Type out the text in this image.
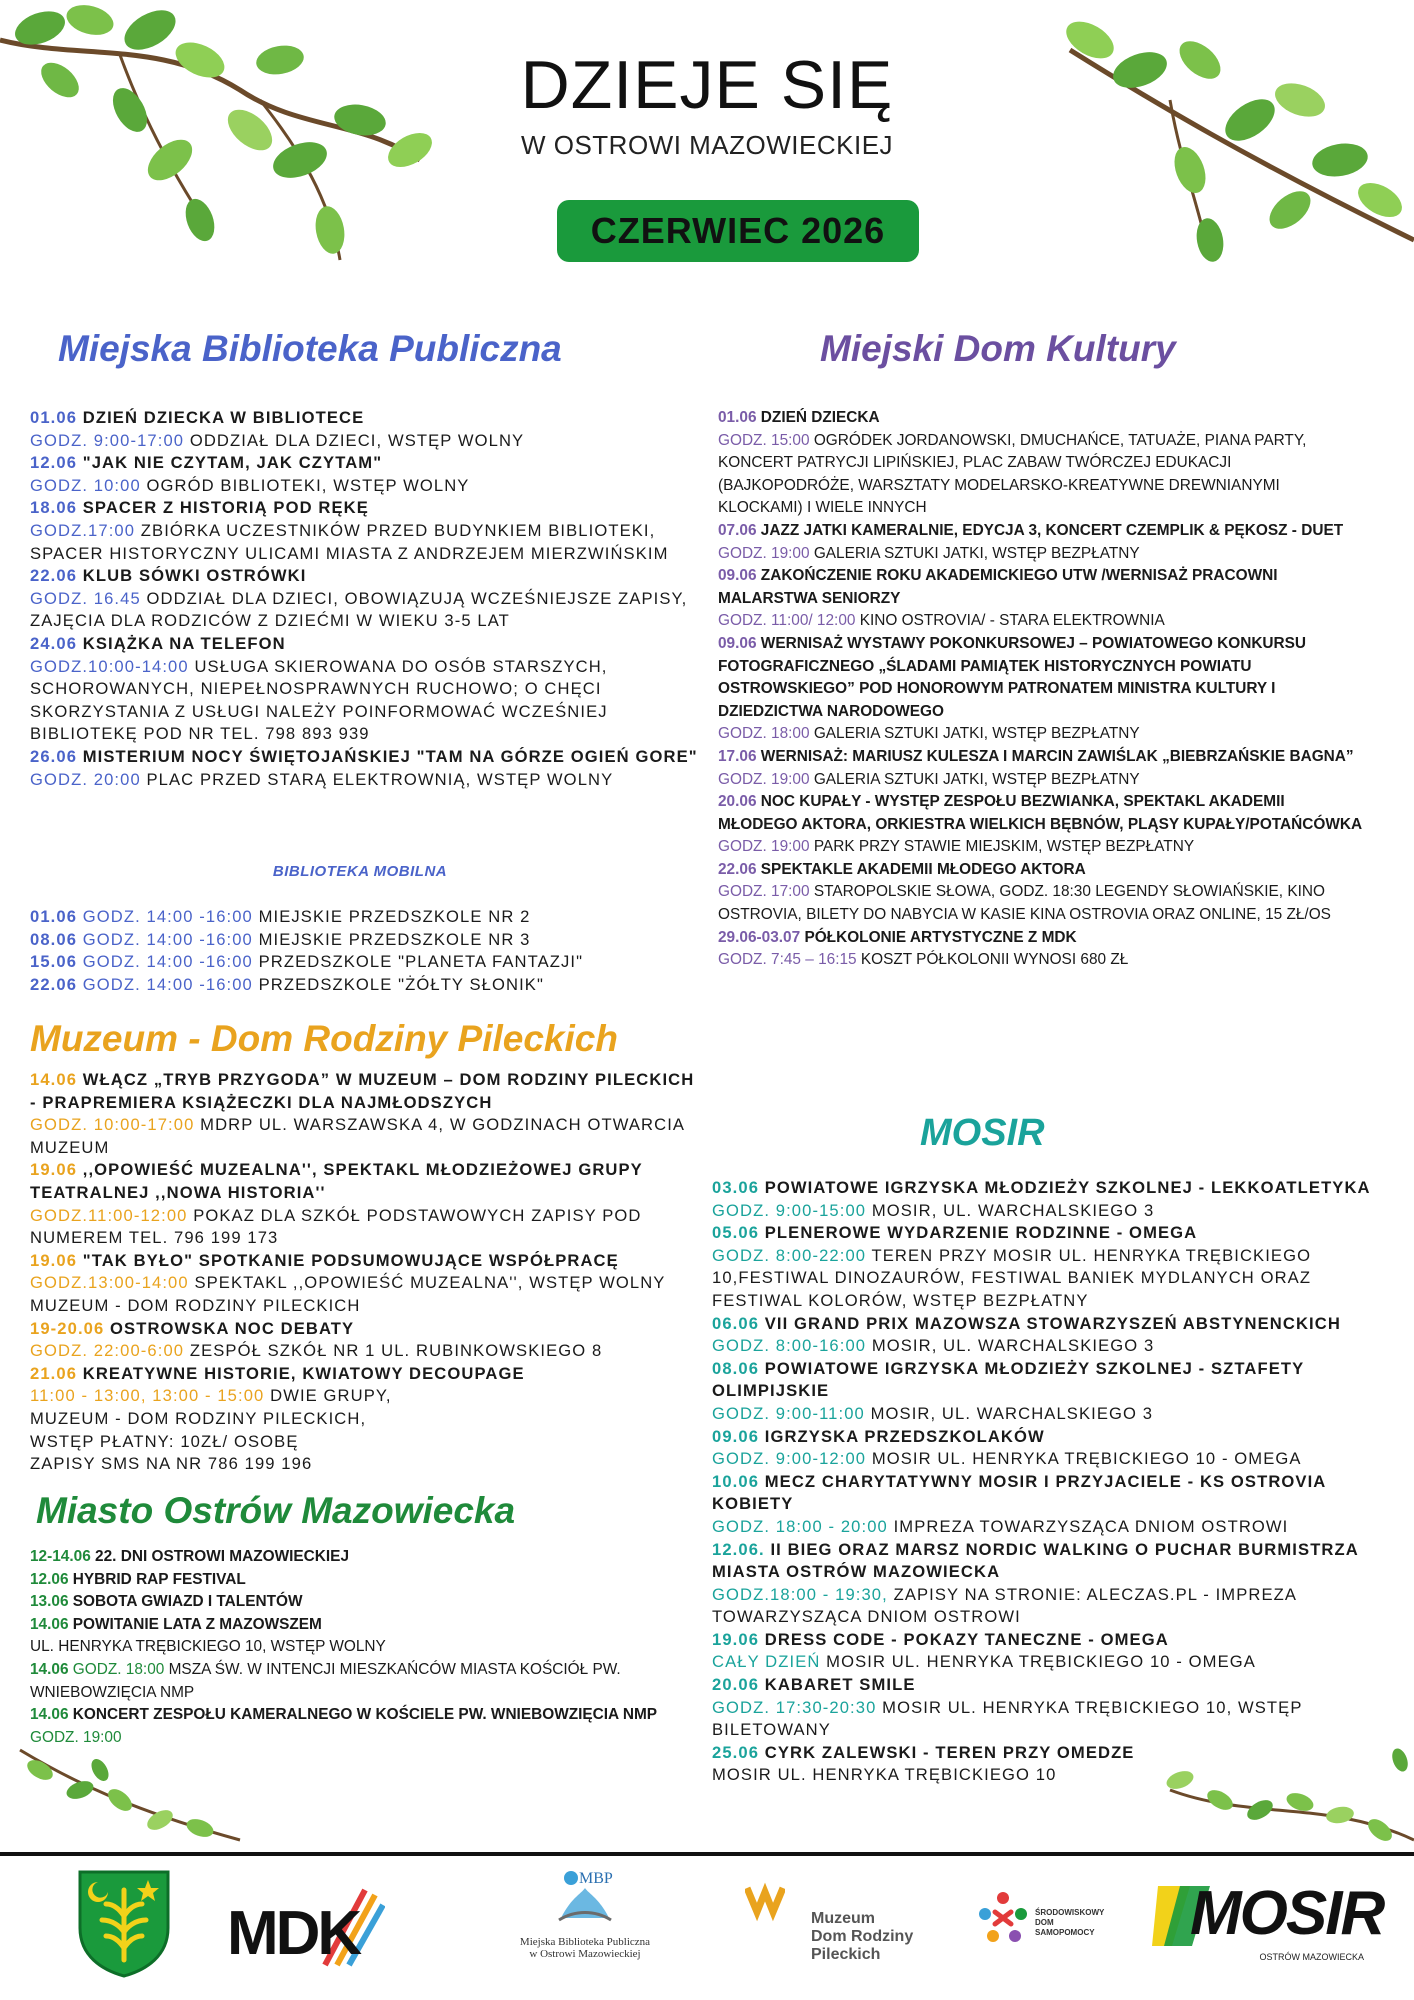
DZIEJE SIĘ
W OSTROWI MAZOWIECKIEJ
CZERWIEC 2026
Miejska Biblioteka Publiczna	Miejski Dom Kultury
Muzeum - Dom Rodziny Pileckich
MOSIR
Miasto Ostrów Mazowiecka
BIBLIOTEKA MOBILNA

01.06 DZIEŃ DZIECKA W BIBLIOTECE
GODZ. 9:00-17:00 ODDZIAŁ DLA DZIECI, WSTĘP WOLNY

12.06 "JAK NIE CZYTAM, JAK CZYTAM"
GODZ. 10:00 OGRÓD BIBLIOTEKI, WSTĘP WOLNY

18.06 SPACER Z HISTORIĄ POD RĘKĘ
GODZ.17:00 ZBIÓRKA UCZESTNIKÓW PRZED BUDYNKIEM BIBLIOTEKI, SPACER HISTORYCZNY ULICAMI MIASTA Z ANDRZEJEM MIERZWIŃSKIM

22.06 KLUB SÓWKI OSTRÓWKI
GODZ. 16.45 ODDZIAŁ DLA DZIECI, OBOWIĄZUJĄ WCZEŚNIEJSZE ZAPISY, ZAJĘCIA DLA RODZICÓW Z DZIEĆMI W WIEKU 3-5 LAT

24.06 KSIĄŻKA NA TELEFON
GODZ.10:00-14:00 USŁUGA SKIEROWANA DO OSÓB STARSZYCH, SCHOROWANYCH, NIEPEŁNOSPRAWNYCH RUCHOWO; O CHĘCI SKORZYSTANIA Z USŁUGI NALEŻY POINFORMOWAĆ WCZEŚNIEJ BIBLIOTEKĘ POD NR TEL. 798 893 939

26.06 MISTERIUM NOCY ŚWIĘTOJAŃSKIEJ "TAM NA GÓRZE OGIEŃ GORE"
GODZ. 20:00 PLAC PRZED STARĄ ELEKTROWNIĄ, WSTĘP WOLNY

01.06 GODZ. 14:00 -16:00 MIEJSKIE PRZEDSZKOLE NR 2

08.06 GODZ. 14:00 -16:00 MIEJSKIE PRZEDSZKOLE NR 3

15.06 GODZ. 14:00 -16:00 PRZEDSZKOLE "PLANETA FANTAZJI"

22.06 GODZ. 14:00 -16:00 PRZEDSZKOLE "ŻÓŁTY SŁONIK"

14.06 WŁĄCZ „TRYB PRZYGODA” W MUZEUM – DOM RODZINY PILECKICH - PRAPREMIERA KSIĄŻECZKI DLA NAJMŁODSZYCH
GODZ. 10:00-17:00 MDRP UL. WARSZAWSKA 4, W GODZINACH OTWARCIA MUZEUM

19.06 ,,OPOWIEŚĆ MUZEALNA'', SPEKTAKL MŁODZIEŻOWEJ GRUPY TEATRALNEJ ,,NOWA HISTORIA''
GODZ.11:00-12:00 POKAZ DLA SZKÓŁ PODSTAWOWYCH ZAPISY POD NUMEREM TEL. 796 199 173

19.06 "TAK BYŁO" SPOTKANIE PODSUMOWUJĄCE WSPÓŁPRACĘ
GODZ.13:00-14:00 SPEKTAKL ,,OPOWIEŚĆ MUZEALNA'', WSTĘP WOLNY MUZEUM - DOM RODZINY PILECKICH

19-20.06 OSTROWSKA NOC DEBATY
GODZ. 22:00-6:00 ZESPÓŁ SZKÓŁ NR 1 UL. RUBINKOWSKIEGO 8

21.06 KREATYWNE HISTORIE, KWIATOWY DECOUPAGE
11:00 - 13:00, 13:00 - 15:00 DWIE GRUPY,
MUZEUM - DOM RODZINY PILECKICH,
WSTĘP PŁATNY: 10ZŁ/ OSOBĘ
ZAPISY SMS NA NR 786 199 196

12-14.06 22. DNI OSTROWI MAZOWIECKIEJ

12.06 HYBRID RAP FESTIVAL

13.06 SOBOTA GWIAZD I TALENTÓW

14.06 POWITANIE LATA Z MAZOWSZEM
UL. HENRYKA TRĘBICKIEGO 10, WSTĘP WOLNY

14.06 GODZ. 18:00 MSZA ŚW. W INTENCJI MIESZKAŃCÓW MIASTA KOŚCIÓŁ PW. WNIEBOWZIĘCIA NMP

14.06 KONCERT ZESPOŁU KAMERALNEGO W KOŚCIELE PW. WNIEBOWZIĘCIA NMP
GODZ. 19:00

01.06 DZIEŃ DZIECKA
GODZ. 15:00 OGRÓDEK JORDANOWSKI, DMUCHAŃCE, TATUAŻE, PIANA PARTY, KONCERT PATRYCJI LIPIŃSKIEJ, PLAC ZABAW TWÓRCZEJ EDUKACJI (BAJKOPODRÓŻE, WARSZTATY MODELARSKO-KREATYWNE DREWNIANYMI KLOCKAMI) I WIELE INNYCH

07.06 JAZZ JATKI KAMERALNIE, EDYCJA 3, KONCERT CZEMPLIK & PĘKOSZ - DUET
GODZ. 19:00 GALERIA SZTUKI JATKI, WSTĘP BEZPŁATNY

09.06 ZAKOŃCZENIE ROKU AKADEMICKIEGO UTW /WERNISAŻ PRACOWNI MALARSTWA SENIORZY
GODZ. 11:00/ 12:00 KINO OSTROVIA/ - STARA ELEKTROWNIA

09.06 WERNISAŻ WYSTAWY POKONKURSOWEJ – POWIATOWEGO KONKURSU FOTOGRAFICZNEGO „ŚLADAMI PAMIĄTEK HISTORYCZNYCH POWIATU OSTROWSKIEGO” POD HONOROWYM PATRONATEM MINISTRA KULTURY I DZIEDZICTWA NARODOWEGO
GODZ. 18:00 GALERIA SZTUKI JATKI, WSTĘP BEZPŁATNY

17.06 WERNISAŻ: MARIUSZ KULESZA I MARCIN ZAWIŚLAK „BIEBRZAŃSKIE BAGNA”
GODZ. 19:00 GALERIA SZTUKI JATKI, WSTĘP BEZPŁATNY

20.06 NOC KUPAŁY - WYSTĘP ZESPOŁU BEZWIANKA, SPEKTAKL AKADEMII MŁODEGO AKTORA, ORKIESTRA WIELKICH BĘBNÓW, PLĄSY KUPAŁY/POTAŃCÓWKA
GODZ. 19:00 PARK PRZY STAWIE MIEJSKIM, WSTĘP BEZPŁATNY

22.06 SPEKTAKLE AKADEMII MŁODEGO AKTORA
GODZ. 17:00 STAROPOLSKIE SŁOWA, GODZ. 18:30 LEGENDY SŁOWIAŃSKIE, KINO OSTROVIA, BILETY DO NABYCIA W KASIE KINA OSTROVIA ORAZ ONLINE, 15 ZŁ/OS

29.06-03.07 PÓŁKOLONIE ARTYSTYCZNE Z MDK
GODZ. 7:45 – 16:15 KOSZT PÓŁKOLONII WYNOSI 680 ZŁ

03.06 POWIATOWE IGRZYSKA MŁODZIEŻY SZKOLNEJ - LEKKOATLETYKA
GODZ. 9:00-15:00 MOSIR, UL. WARCHALSKIEGO 3

05.06 PLENEROWE WYDARZENIE RODZINNE - OMEGA
GODZ. 8:00-22:00 TEREN PRZY MOSIR UL. HENRYKA TRĘBICKIEGO 10,FESTIWAL DINOZAURÓW, FESTIWAL BANIEK MYDLANYCH ORAZ FESTIWAL KOLORÓW, WSTĘP BEZPŁATNY

06.06 VII GRAND PRIX MAZOWSZA STOWARZYSZEŃ ABSTYNENCKICH
GODZ. 8:00-16:00 MOSIR, UL. WARCHALSKIEGO 3

08.06 POWIATOWE IGRZYSKA MŁODZIEŻY SZKOLNEJ - SZTAFETY OLIMPIJSKIE
GODZ. 9:00-11:00 MOSIR, UL. WARCHALSKIEGO 3

09.06 IGRZYSKA PRZEDSZKOLAKÓW
GODZ. 9:00-12:00 MOSIR UL. HENRYKA TRĘBICKIEGO 10 - OMEGA

10.06 MECZ CHARYTATYWNY MOSIR I PRZYJACIELE - KS OSTROVIA KOBIETY
GODZ. 18:00 - 20:00 IMPREZA TOWARZYSZĄCA DNIOM OSTROWI

12.06. II BIEG ORAZ MARSZ NORDIC WALKING O PUCHAR BURMISTRZA MIASTA OSTRÓW MAZOWIECKA
GODZ.18:00 - 19:30, ZAPISY NA STRONIE: ALECZAS.PL - IMPREZA TOWARZYSZĄCA DNIOM OSTROWI

19.06 DRESS CODE - POKAZY TANECZNE - OMEGA
CAŁY DZIEŃ MOSIR UL. HENRYKA TRĘBICKIEGO 10 - OMEGA

20.06 KABARET SMILE
GODZ. 17:30-20:30 MOSIR UL. HENRYKA TRĘBICKIEGO 10, WSTĘP BILETOWANY

25.06 CYRK ZALEWSKI - TEREN PRZY OMEDZE
MOSIR UL. HENRYKA TRĘBICKIEGO 10

MDK
MBP
Miejska Biblioteka Publiczna
w Ostrowi Mazowieckiej
Muzeum
Dom Rodziny
Pileckich
ŚRODOWISKOWY
DOM SAMOPOMOCY MOSIR
OSTRÓW MAZOWIECKA
